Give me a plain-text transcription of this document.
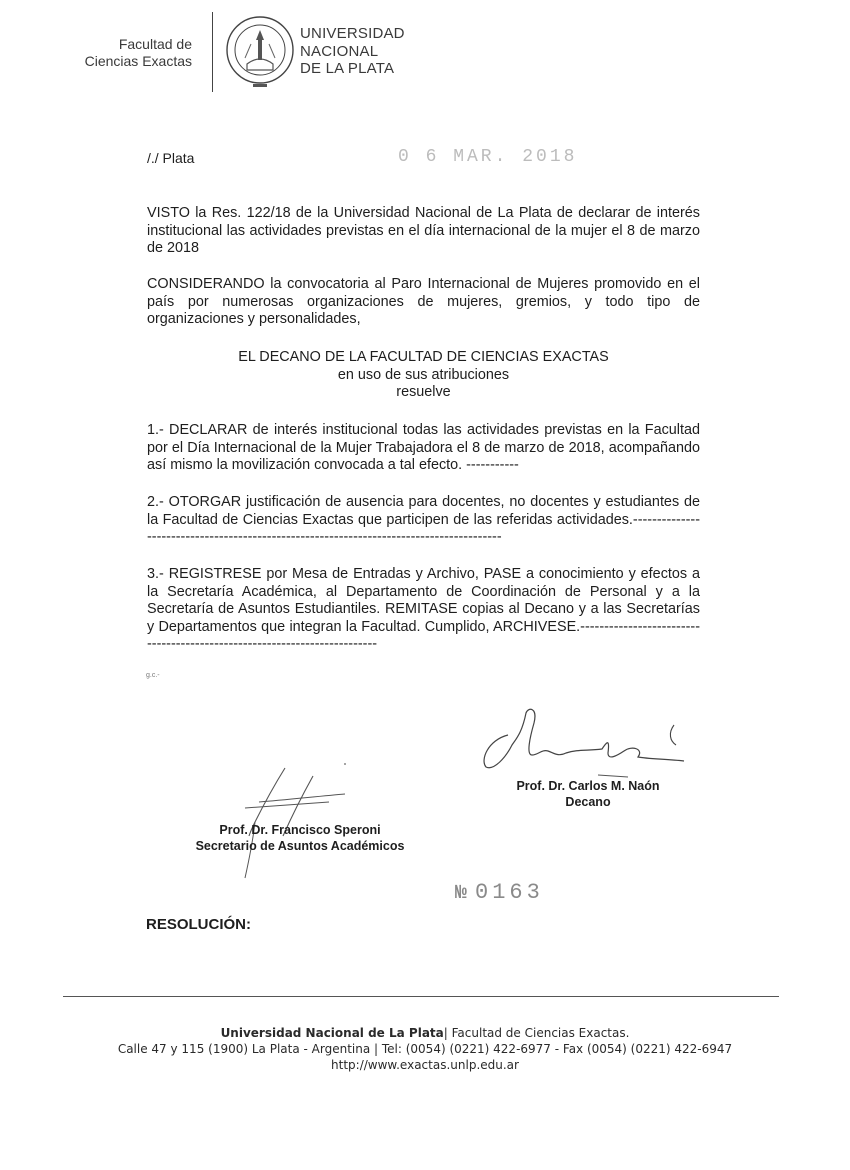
Facultad de
Ciencias Exactas
UNIVERSIDAD
NACIONAL
DE LA PLATA
/./ Plata	0 6 MAR. 2018
VISTO la Res. 122/18 de la Universidad Nacional de La Plata de declarar de interés institucional las actividades previstas en el día internacional de la mujer el 8 de marzo de 2018
CONSIDERANDO la convocatoria al Paro Internacional de Mujeres promovido en el país por numerosas organizaciones de mujeres, gremios, y todo tipo de organizaciones y personalidades,
EL DECANO DE LA FACULTAD DE CIENCIAS EXACTAS
en uso de sus atribuciones
resuelve
1.- DECLARAR de interés institucional todas las actividades previstas en la Facultad por el Día Internacional de la Mujer Trabajadora el 8 de marzo de 2018, acompañando así mismo la movilización convocada a tal efecto. -----------
2.- OTORGAR justificación de ausencia para docentes, no docentes y estudiantes de la Facultad de Ciencias Exactas que participen de las referidas actividades.----------------------------------------------------------------------------------------
3.- REGISTRESE por Mesa de Entradas y Archivo, PASE a conocimiento y efectos a la Secretaría Académica, al Departamento de Coordinación de Personal y a la Secretaría de Asuntos Estudiantiles. REMITASE copias al Decano y a las Secretarías y Departamentos que integran la Facultad. Cumplido, ARCHIVESE.-------------------------------------------------------------------------
g.c.-
Prof. Dr. Carlos M. Naón
Decano
Prof. Dr. Francisco Speroni
Secretario de Asuntos Académicos
№ 0163
RESOLUCIÓN:
Universidad Nacional de La Plata| Facultad de Ciencias Exactas.
Calle 47 y 115 (1900) La Plata - Argentina | Tel: (0054) (0221) 422-6977 - Fax (0054) (0221) 422-6947
http://www.exactas.unlp.edu.ar
